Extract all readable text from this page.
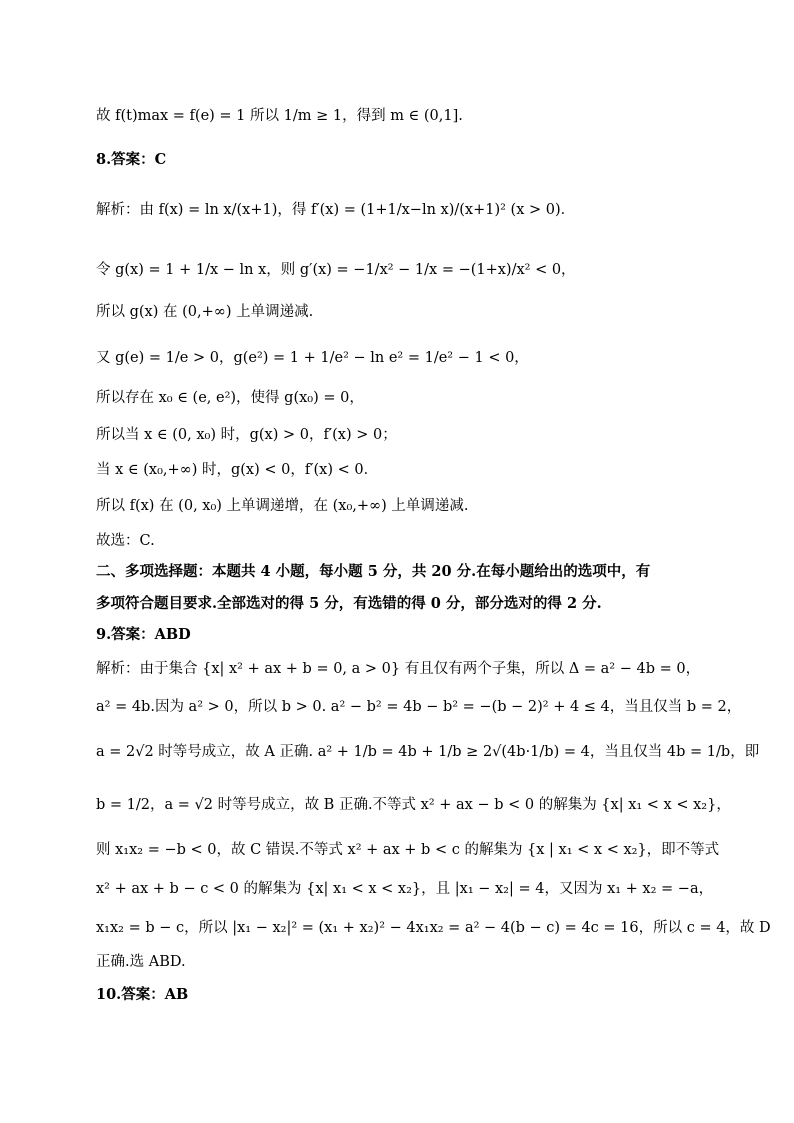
故 f(t)max = f(e) = 1 所以 1/m ≥ 1，得到 m ∈ (0,1].
8.答案：C
解析：由 f(x) = ln x/(x+1)，得 f′(x) = (1+1/x−ln x)/(x+1)² (x > 0)．
令 g(x) = 1 + 1/x − ln x，则 g′(x) = −1/x² − 1/x = −(1+x)/x² < 0，
所以 g(x) 在 (0,+∞) 上单调递减.
又 g(e) = 1/e > 0，g(e²) = 1 + 1/e² − ln e² = 1/e² − 1 < 0，
所以存在 x₀ ∈ (e, e²)，使得 g(x₀) = 0，
所以当 x ∈ (0, x₀) 时，g(x) > 0，f′(x) > 0；
当 x ∈ (x₀,+∞) 时，g(x) < 0，f′(x) < 0．
所以 f(x) 在 (0, x₀) 上单调递增，在 (x₀,+∞) 上单调递减.
故选：C.
二、多项选择题：本题共 4 小题，每小题 5 分，共 20 分.在每小题给出的选项中，有
多项符合题目要求.全部选对的得 5 分，有选错的得 0 分，部分选对的得 2 分.
9.答案：ABD
解析：由于集合 {x| x² + ax + b = 0, a > 0} 有且仅有两个子集，所以 Δ = a² − 4b = 0，
a² = 4b.因为 a² > 0，所以 b > 0. a² − b² = 4b − b² = −(b − 2)² + 4 ≤ 4，当且仅当 b = 2，
a = 2√2 时等号成立，故 A 正确. a² + 1/b = 4b + 1/b ≥ 2√(4b·1/b) = 4，当且仅当 4b = 1/b，即
b = 1/2，a = √2 时等号成立，故 B 正确.不等式 x² + ax − b < 0 的解集为 {x| x₁ < x < x₂}，
则 x₁x₂ = −b < 0，故 C 错误.不等式 x² + ax + b < c 的解集为 {x | x₁ < x < x₂}，即不等式
x² + ax + b − c < 0 的解集为 {x| x₁ < x < x₂}，且 |x₁ − x₂| = 4，又因为 x₁ + x₂ = −a，
x₁x₂ = b − c，所以 |x₁ − x₂|² = (x₁ + x₂)² − 4x₁x₂ = a² − 4(b − c) = 4c = 16，所以 c = 4，故 D
正确.选 ABD.
10.答案：AB
